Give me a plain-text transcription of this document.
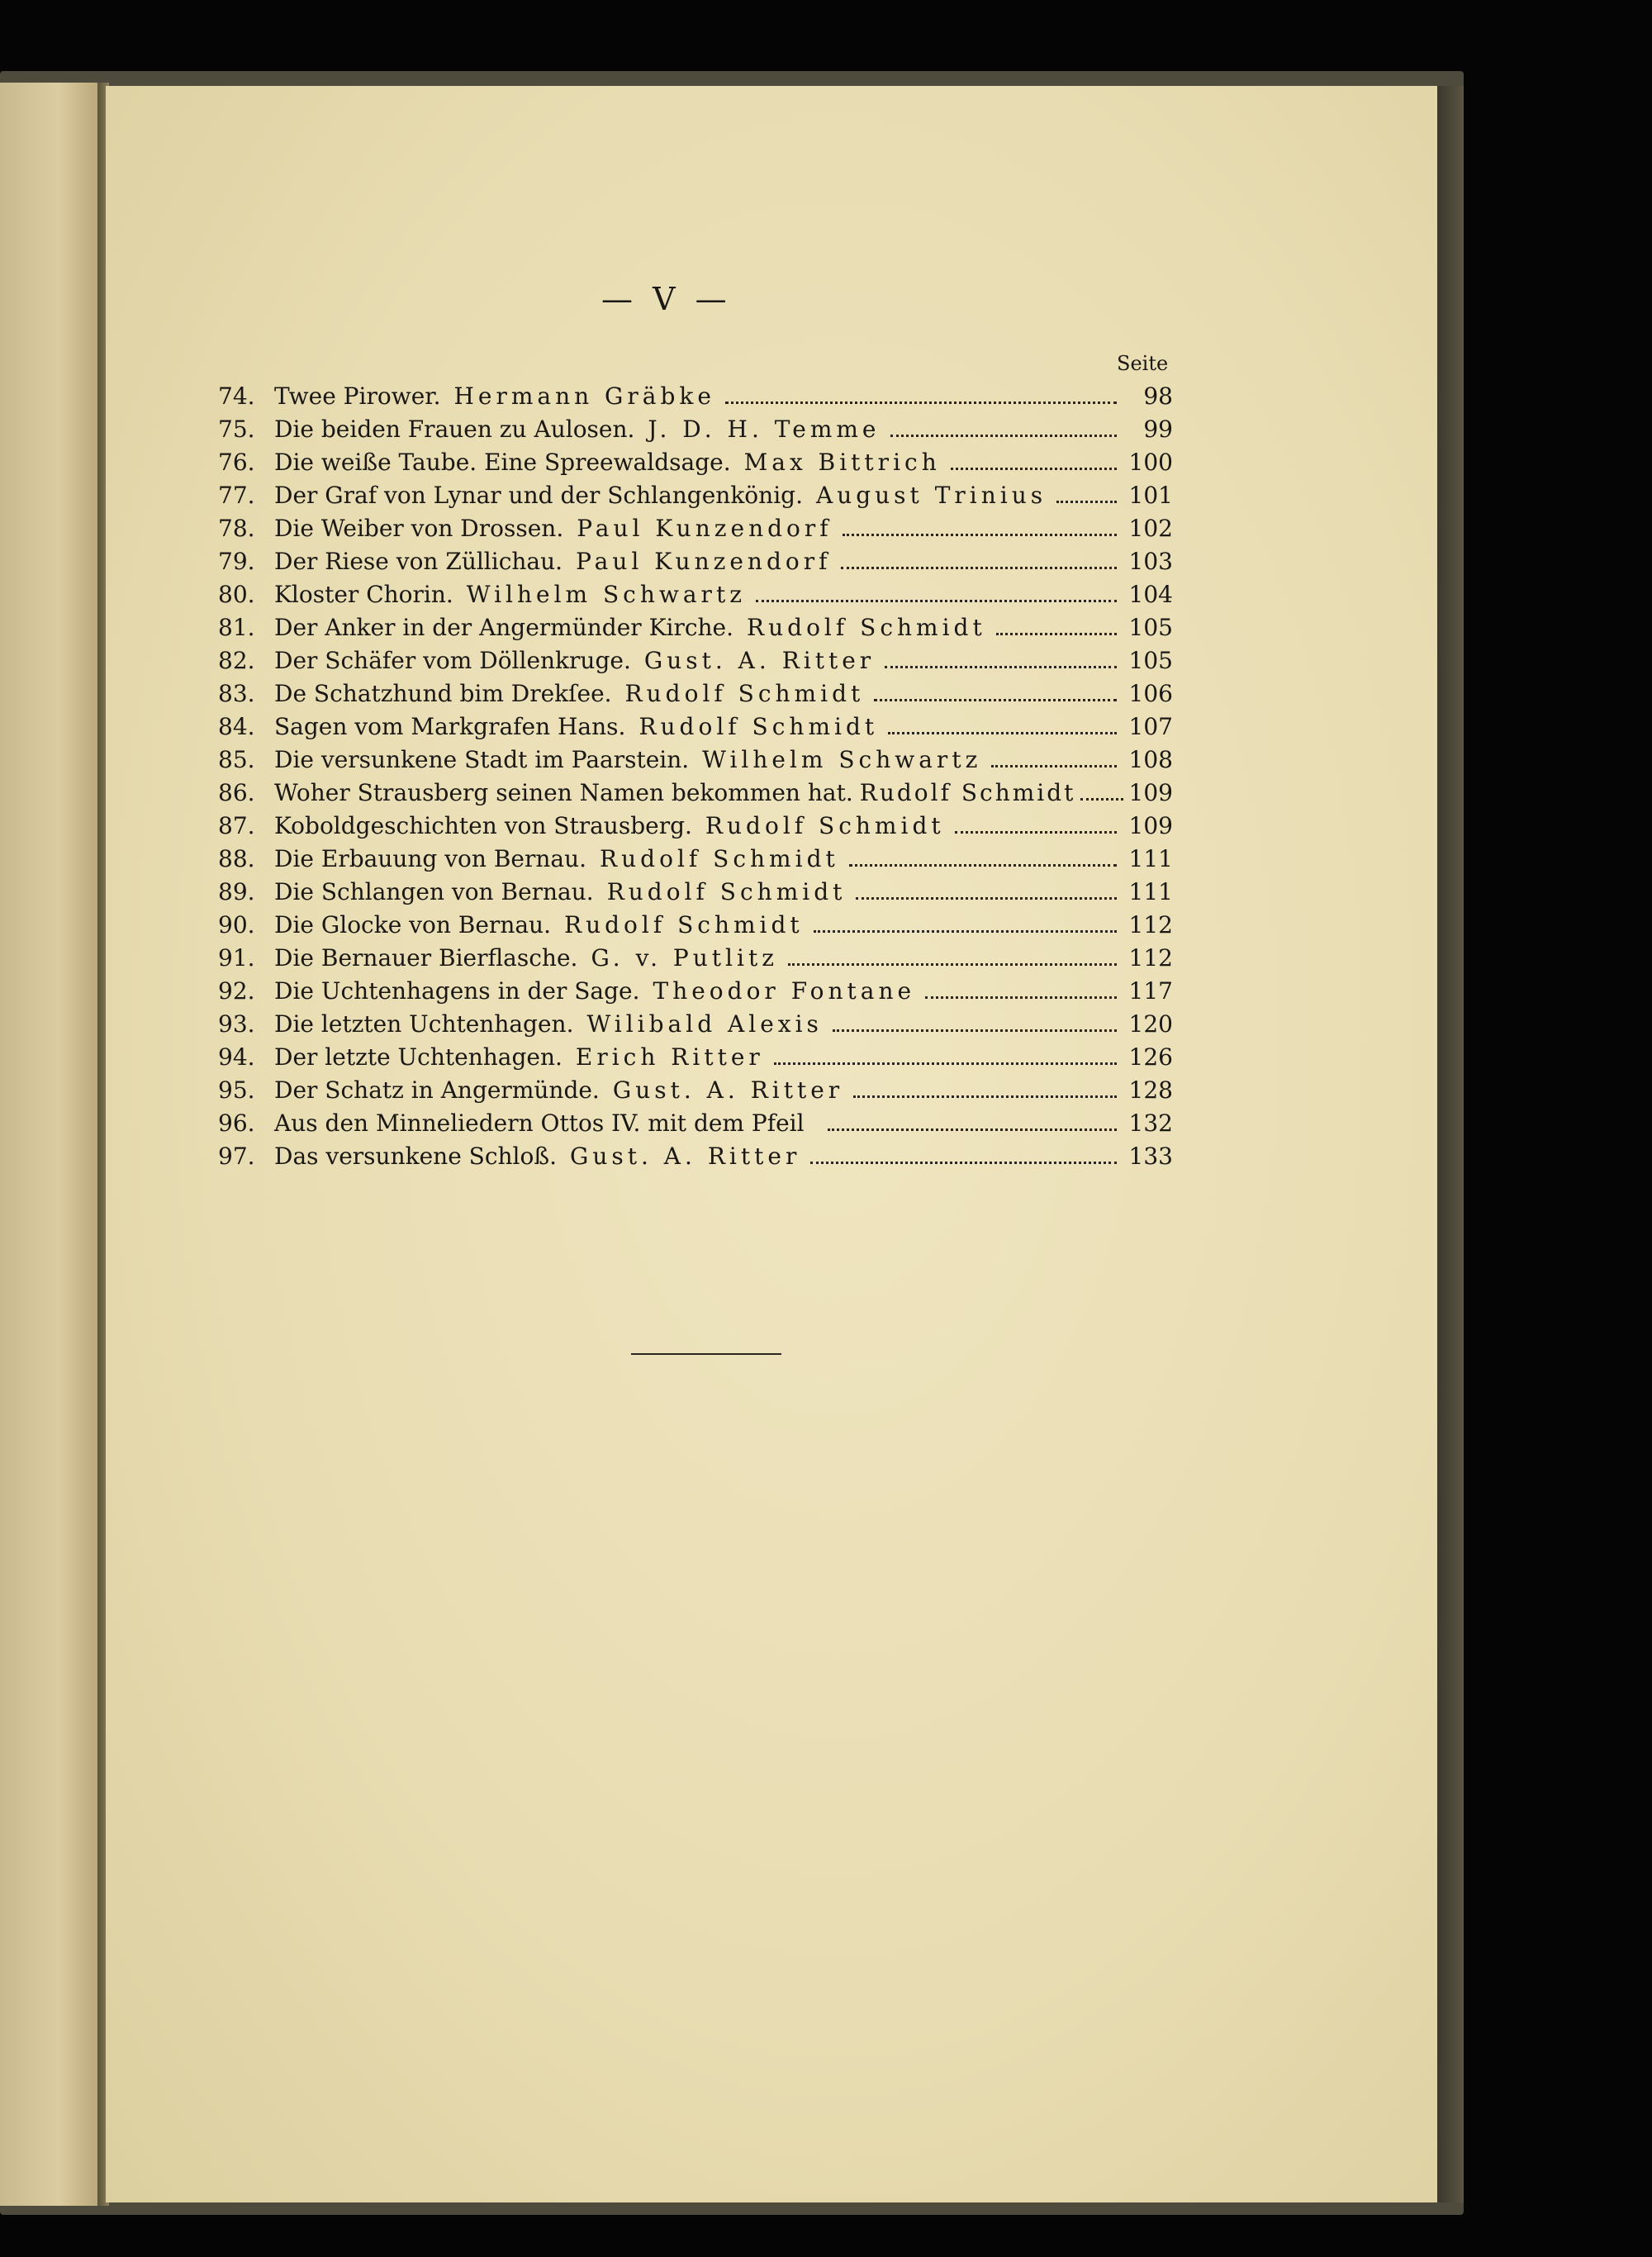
— V —
Seite
74. Twee Pirower. Hermann Gräbke	98
75. Die beiden Frauen zu Aulosen. J. D. H. Temme	99
76. Die weiße Taube. Eine Spreewaldsage. Max Bittrich	100
77. Der Graf von Lynar und der Schlangenkönig. August Trinius	101
78. Die Weiber von Drossen. Paul Kunzendorf	102
79. Der Riese von Züllichau. Paul Kunzendorf	103
80. Kloster Chorin. Wilhelm Schwartz	104
81. Der Anker in der Angermünder Kirche. Rudolf Schmidt	105
82. Der Schäfer vom Döllenkruge. Gust. A. Ritter	105
83. De Schatzhund bim Drekſee. Rudolf Schmidt	106
84. Sagen vom Markgrafen Hans. Rudolf Schmidt	107
85. Die versunkene Stadt im Paarstein. Wilhelm Schwartz	108
86. Woher Strausberg seinen Namen bekommen hat. Rudolf Schmidt 109
87. Koboldgeschichten von Strausberg. Rudolf Schmidt	109
88. Die Erbauung von Bernau. Rudolf Schmidt	111
89. Die Schlangen von Bernau. Rudolf Schmidt	111
90. Die Glocke von Bernau. Rudolf Schmidt	112
91. Die Bernauer Bierflasche. G. v. Putlitz	112
92. Die Uchtenhagens in der Sage. Theodor Fontane	117
93. Die letzten Uchtenhagen. Wilibald Alexis	120
94. Der letzte Uchtenhagen. Erich Ritter	126
95. Der Schatz in Angermünde. Gust. A. Ritter	128
96. Aus den Minneliedern Ottos IV. mit dem Pfeil	132
97. Das versunkene Schloß. Gust. A. Ritter	133
